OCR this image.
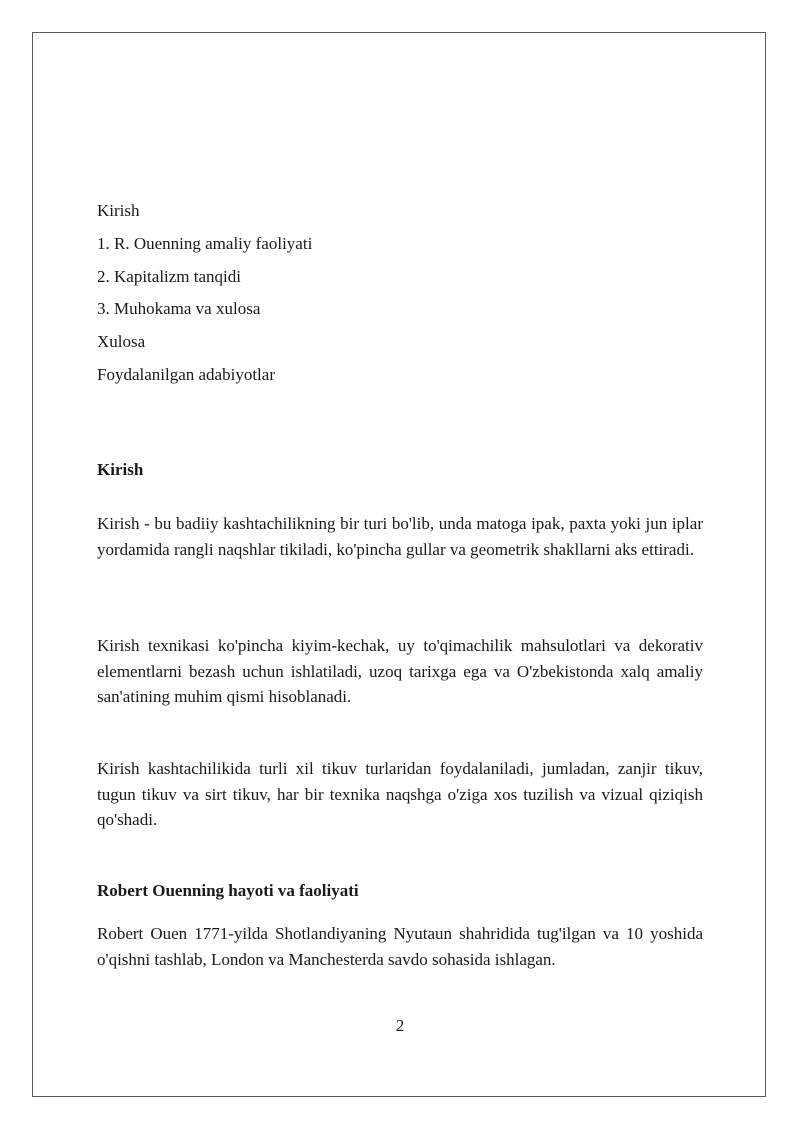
Kirish
1. R. Ouenning amaliy faoliyati
2. Kapitalizm tanqidi
3. Muhokama va xulosa
Xulosa
Foydalanilgan adabiyotlar
Kirish
Kirish - bu badiiy kashtachilikning bir turi bo'lib, unda matoga ipak, paxta yoki jun iplar yordamida rangli naqshlar tikiladi, ko'pincha gullar va geometrik shakllarni aks ettiradi.
Kirish texnikasi ko'pincha kiyim-kechak, uy to'qimachilik mahsulotlari va dekorativ elementlarni bezash uchun ishlatiladi, uzoq tarixga ega va O'zbekistonda xalq amaliy san'atining muhim qismi hisoblanadi.
Kirish kashtachilikida turli xil tikuv turlaridan foydalaniladi, jumladan, zanjir tikuv, tugun tikuv va sirt tikuv, har bir texnika naqshga o'ziga xos tuzilish va vizual qiziqish qo'shadi.
Robert Ouenning hayoti va faoliyati
Robert Ouen 1771-yilda Shotlandiyaning Nyutaun shahridida tug'ilgan va 10 yoshida o'qishni tashlab, London va Manchesterda savdo sohasida ishlagan.
2
